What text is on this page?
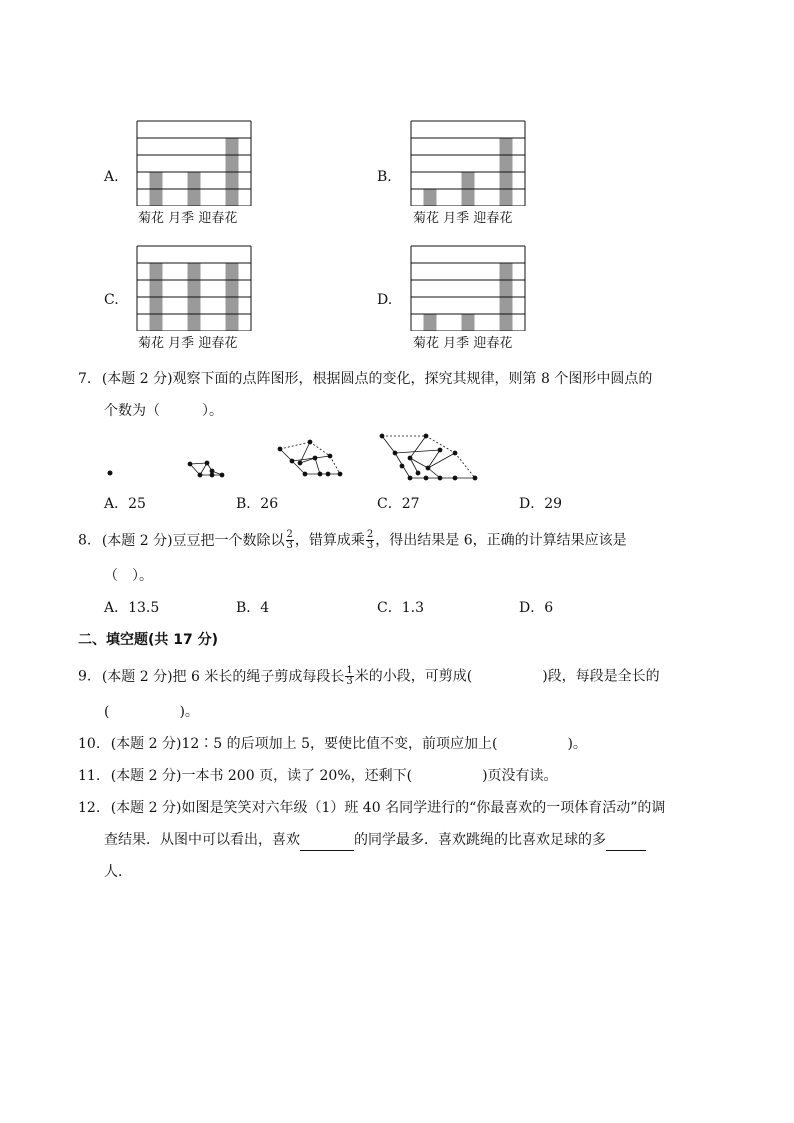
A.
菊花 月季 迎春花
B.
菊花 月季 迎春花
C.
菊花 月季 迎春花
D.
菊花 月季 迎春花
7. (本题 2 分)观察下面的点阵图形，根据圆点的变化，探究其规律，则第 8 个图形中圆点的
个数为（　　　）。
A．25	B．26	C．27	D．29
8. (本题 2 分)豆豆把一个数除以 $\frac{2}{3}$ ，错算成乘 $\frac{2}{3}$ ，得出结果是 6，正确的计算结果应该是
（　）。
A．13.5	B．4	C．1.3	D．6
二、填空题(共 17 分)
9. (本题 2 分)把 6 米长的绳子剪成每段长 $\frac{1}{3}$ 米的小段，可剪成(　　　　　)段，每段是全长的
(　　　　　)。
10. (本题 2 分)12∶5 的后项加上 5，要使比值不变，前项应加上(　　　　　)。
11. (本题 2 分)一本书 200 页，读了 20%，还剩下(　　　　　)页没有读。
12. (本题 2 分)如图是笑笑对六年级（1）班 40 名同学进行的“你最喜欢的一项体育活动”的调
查结果．从图中可以看出，喜欢	的同学最多．喜欢跳绳的比喜欢足球的多
人．
